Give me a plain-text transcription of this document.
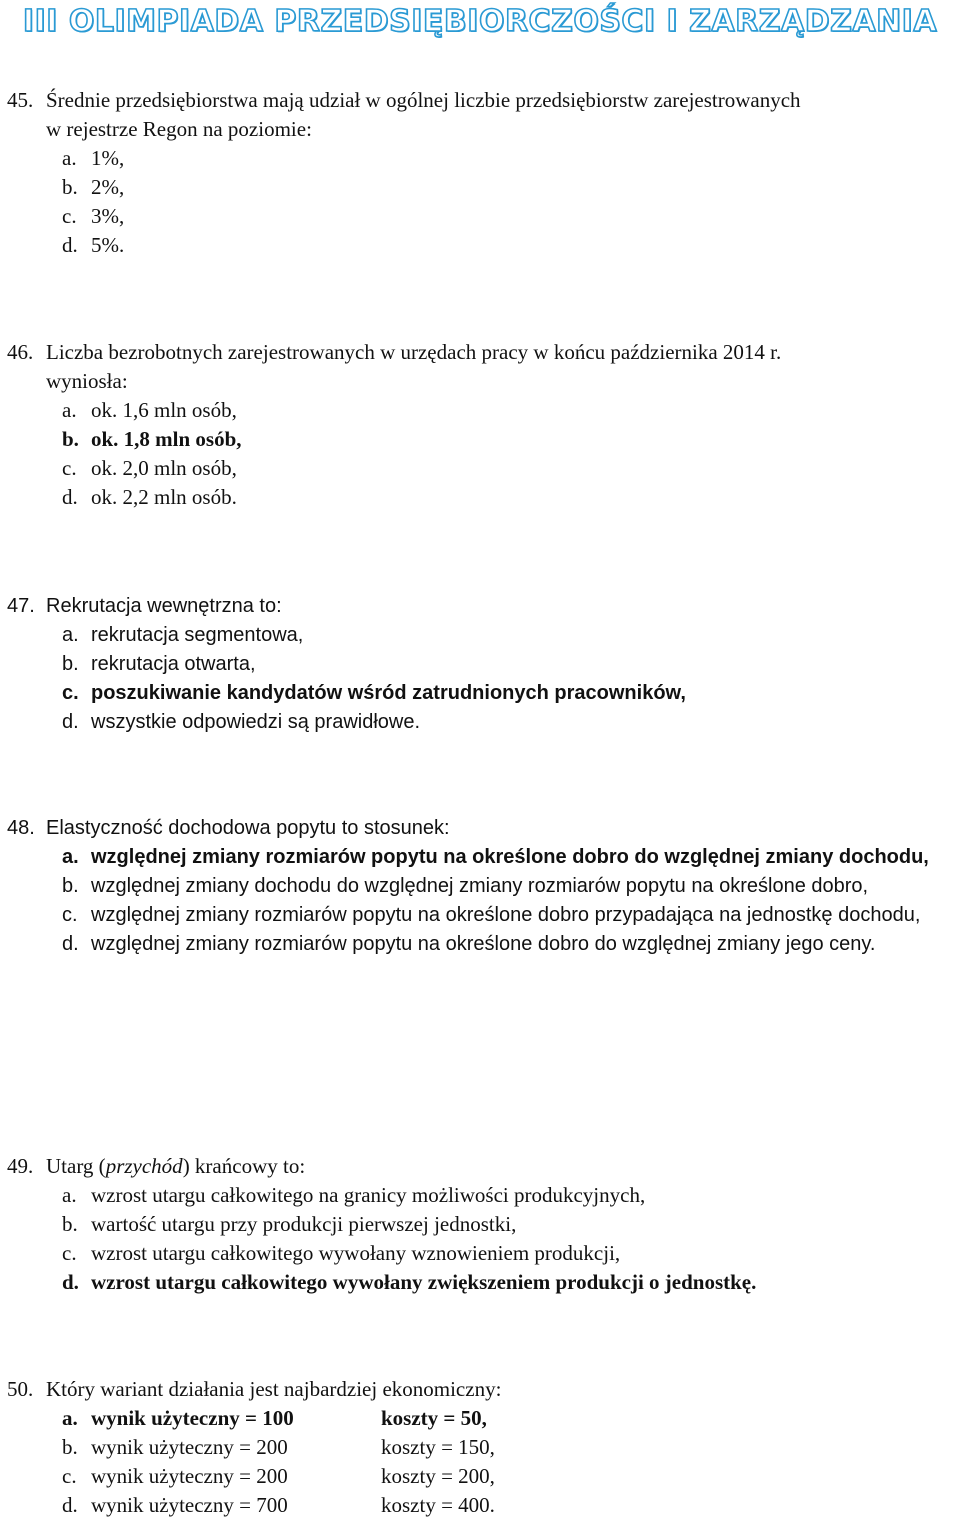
III OLIMPIADA PRZEDSIĘBIORCZOŚCI I ZARZĄDZANIA
45. Średnie przedsiębiorstwa mają udział w ogólnej liczbie przedsiębiorstw zarejestrowanych
w rejestrze Regon na poziomie:
a. 1%,
b. 2%,
c. 3%,
d. 5%.
46. Liczba bezrobotnych zarejestrowanych w urzędach pracy w końcu października 2014 r.
wyniosła:
a. ok. 1,6 mln osób,
b. ok. 1,8 mln osób,
c. ok. 2,0 mln osób,
d. ok. 2,2 mln osób.
47. Rekrutacja wewnętrzna to:
a. rekrutacja segmentowa,
b. rekrutacja otwarta,
c. poszukiwanie kandydatów wśród zatrudnionych pracowników,
d. wszystkie odpowiedzi są prawidłowe.
48. Elastyczność dochodowa popytu to stosunek:
a. względnej zmiany rozmiarów popytu na określone dobro do względnej zmiany dochodu,
b. względnej zmiany dochodu do względnej zmiany rozmiarów popytu na określone dobro,
c. względnej zmiany rozmiarów popytu na określone dobro przypadająca na jednostkę dochodu,
d. względnej zmiany rozmiarów popytu na określone dobro do względnej zmiany jego ceny.
49. Utarg (przychód) krańcowy to:
a. wzrost utargu całkowitego na granicy możliwości produkcyjnych,
b. wartość utargu przy produkcji pierwszej jednostki,
c. wzrost utargu całkowitego wywołany wznowieniem produkcji,
d. wzrost utargu całkowitego wywołany zwiększeniem produkcji o jednostkę.
50. Który wariant działania jest najbardziej ekonomiczny:
a. wynik użyteczny = 100	koszty = 50,
b. wynik użyteczny = 200	koszty = 150,
c. wynik użyteczny = 200	koszty = 200,
d. wynik użyteczny = 700	koszty = 400.
